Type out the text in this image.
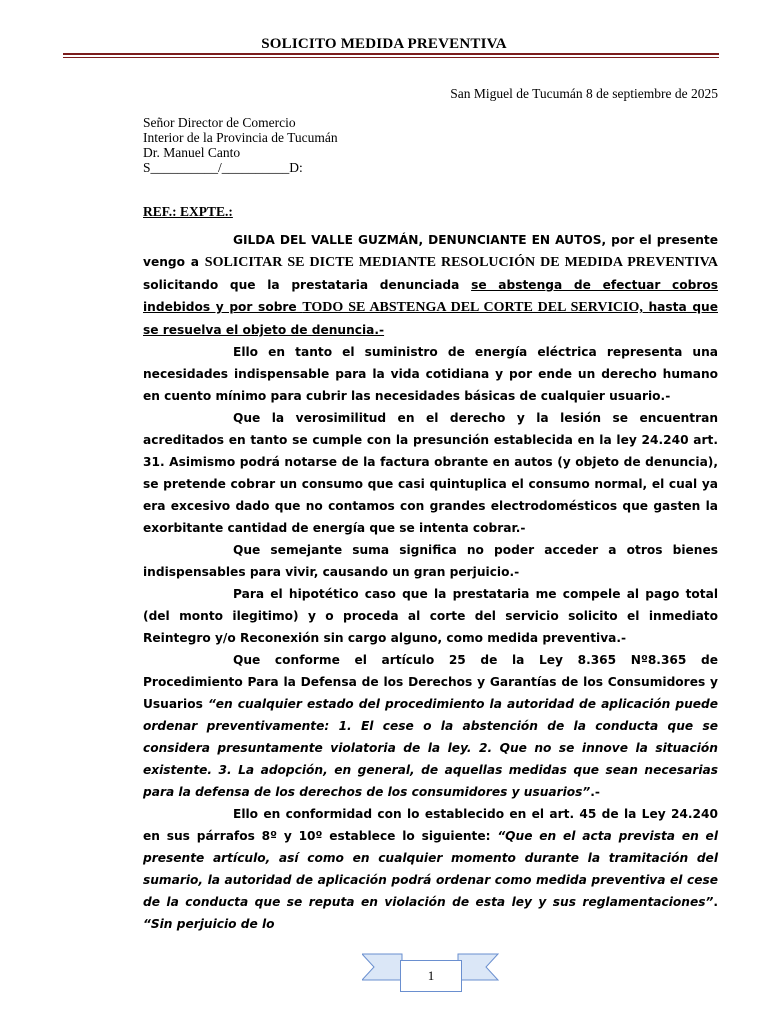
SOLICITO MEDIDA PREVENTIVA
San Miguel de Tucumán 8 de septiembre de 2025
Señor Director de Comercio
Interior de la Provincia de Tucumán
Dr. Manuel Canto
S__________/__________D:
REF.: EXPTE.:

GILDA DEL VALLE GUZMÁN, DENUNCIANTE EN AUTOS, por el presente vengo a SOLICITAR SE DICTE MEDIANTE RESOLUCIÓN DE MEDIDA PREVENTIVA solicitando que la prestataria denunciada se abstenga de efectuar cobros indebidos y por sobre TODO SE ABSTENGA DEL CORTE DEL SERVICIO, hasta que se resuelva el objeto de denuncia.-

Ello en tanto el suministro de energía eléctrica representa una necesidades indispensable para la vida cotidiana y por ende un derecho humano en cuento mínimo para cubrir las necesidades básicas de cualquier usuario.-

Que la verosimilitud en el derecho y la lesión se encuentran acreditados en tanto se cumple con la presunción establecida en la ley 24.240 art. 31. Asimismo podrá notarse de la factura obrante en autos (y objeto de denuncia), se pretende cobrar un consumo que casi quintuplica el consumo normal, el cual ya era excesivo dado que no contamos con grandes electrodomésticos que gasten la exorbitante cantidad de energía que se intenta cobrar.-

Que semejante suma significa no poder acceder a otros bienes indispensables para vivir, causando un gran perjuicio.-

Para el hipotético caso que la prestataria me compele al pago total (del monto ilegitimo) y o proceda al corte del servicio solicito el inmediato Reintegro y/o Reconexión sin cargo alguno, como medida preventiva.-

Que conforme el artículo 25 de la Ley 8.365 Nº8.365 de Procedimiento Para la Defensa de los Derechos y Garantías de los Consumidores y Usuarios “en cualquier estado del procedimiento la autoridad de aplicación puede ordenar preventivamente: 1. El cese o la abstención de la conducta que se considera presuntamente violatoria de la ley. 2. Que no se innove la situación existente. 3. La adopción, en general, de aquellas medidas que sean necesarias para la defensa de los derechos de los consumidores y usuarios”.-

Ello en conformidad con lo establecido en el art. 45 de la Ley 24.240 en sus párrafos 8º y 10º establece lo siguiente: “Que en el acta prevista en el presente artículo, así como en cualquier momento durante la tramitación del sumario, la autoridad de aplicación podrá ordenar como medida preventiva el cese de la conducta que se reputa en violación de esta ley y sus reglamentaciones”. “Sin perjuicio de lo

1
